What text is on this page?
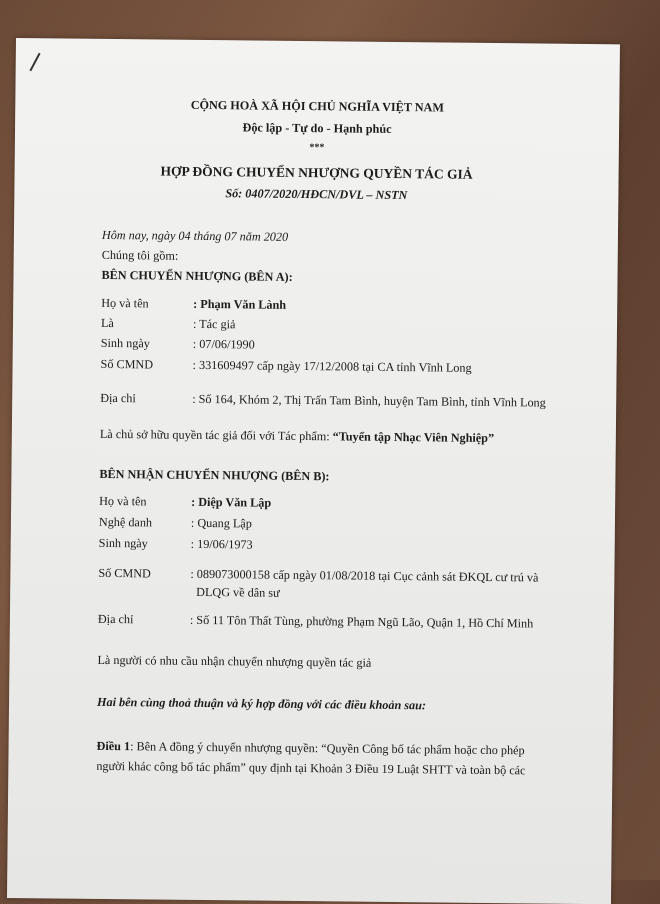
CỘNG HOÀ XÃ HỘI CHỦ NGHĨA VIỆT NAM
Độc lập - Tự do - Hạnh phúc
***
HỢP ĐỒNG CHUYỂN NHƯỢNG QUYỀN TÁC GIẢ
Số: 0407/2020/HĐCN/DVL – NSTN
Hôm nay, ngày 04 tháng 07 năm 2020
Chúng tôi gồm:
BÊN CHUYỂN NHƯỢNG (BÊN A):
Họ và tên	: Phạm Văn Lành
Là	: Tác giả
Sinh ngày	: 07/06/1990
Số CMND	: 331609497 cấp ngày 17/12/2008 tại CA tỉnh Vĩnh Long
Địa chỉ	: Số 164, Khóm 2, Thị Trấn Tam Bình, huyện Tam Bình, tỉnh Vĩnh Long
Là chủ sở hữu quyền tác giả đối với Tác phẩm: “Tuyển tập Nhạc Viên Nghiệp”
BÊN NHẬN CHUYỂN NHƯỢNG (BÊN B):
Họ và tên	: Diệp Văn Lập
Nghệ danh	: Quang Lập
Sinh ngày	: 19/06/1973
Số CMND	: 089073000158 cấp ngày 01/08/2018 tại Cục cảnh sát ĐKQL cư trú và
DLQG về dân sư
Địa chỉ	: Số 11 Tôn Thất Tùng, phường Phạm Ngũ Lão, Quận 1, Hồ Chí Minh
Là người có nhu cầu nhận chuyển nhượng quyền tác giả
Hai bên cùng thoả thuận và ký hợp đồng với các điều khoản sau:
Điều 1: Bên A đồng ý chuyển nhượng quyền: “Quyền Công bố tác phẩm hoặc cho phép
người khác công bố tác phẩm” quy định tại Khoản 3 Điều 19 Luật SHTT và toàn bộ các
